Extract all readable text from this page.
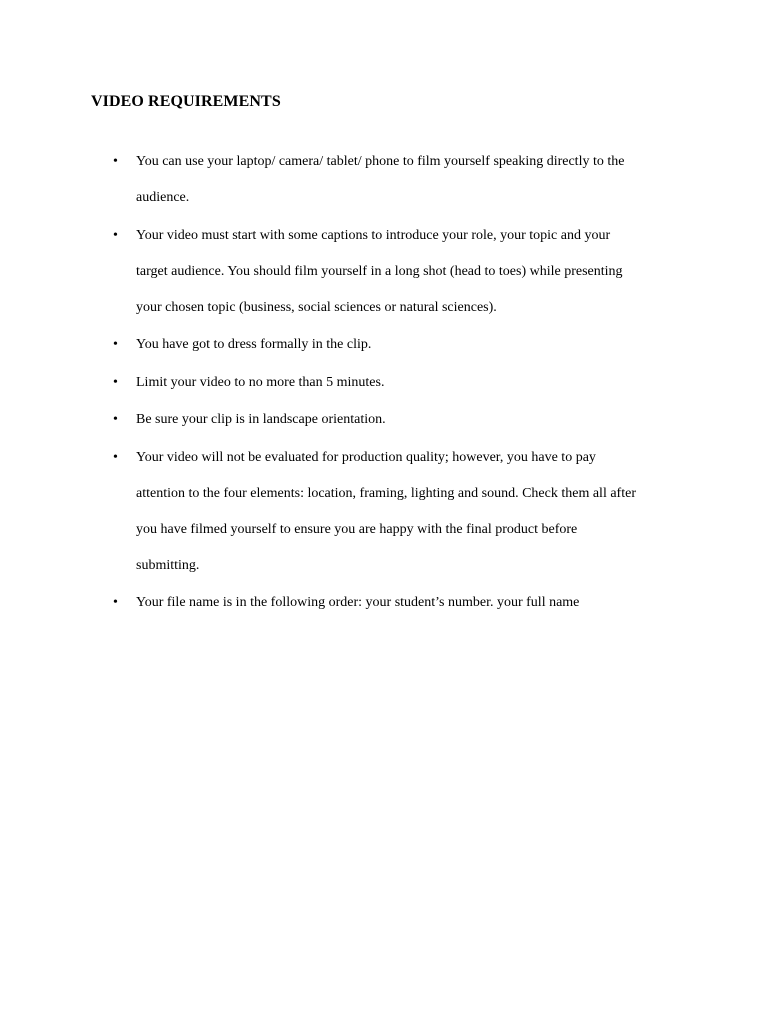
VIDEO REQUIREMENTS
• You can use your laptop/ camera/ tablet/ phone to film yourself speaking directly to the
audience.
• Your video must start with some captions to introduce your role, your topic and your
target audience. You should film yourself in a long shot (head to toes) while presenting
your chosen topic (business, social sciences or natural sciences).
• You have got to dress formally in the clip.
• Limit your video to no more than 5 minutes.
• Be sure your clip is in landscape orientation.
• Your video will not be evaluated for production quality; however, you have to pay
attention to the four elements: location, framing, lighting and sound. Check them all after
you have filmed yourself to ensure you are happy with the final product before
submitting.
• Your file name is in the following order: your student’s number. your full name
